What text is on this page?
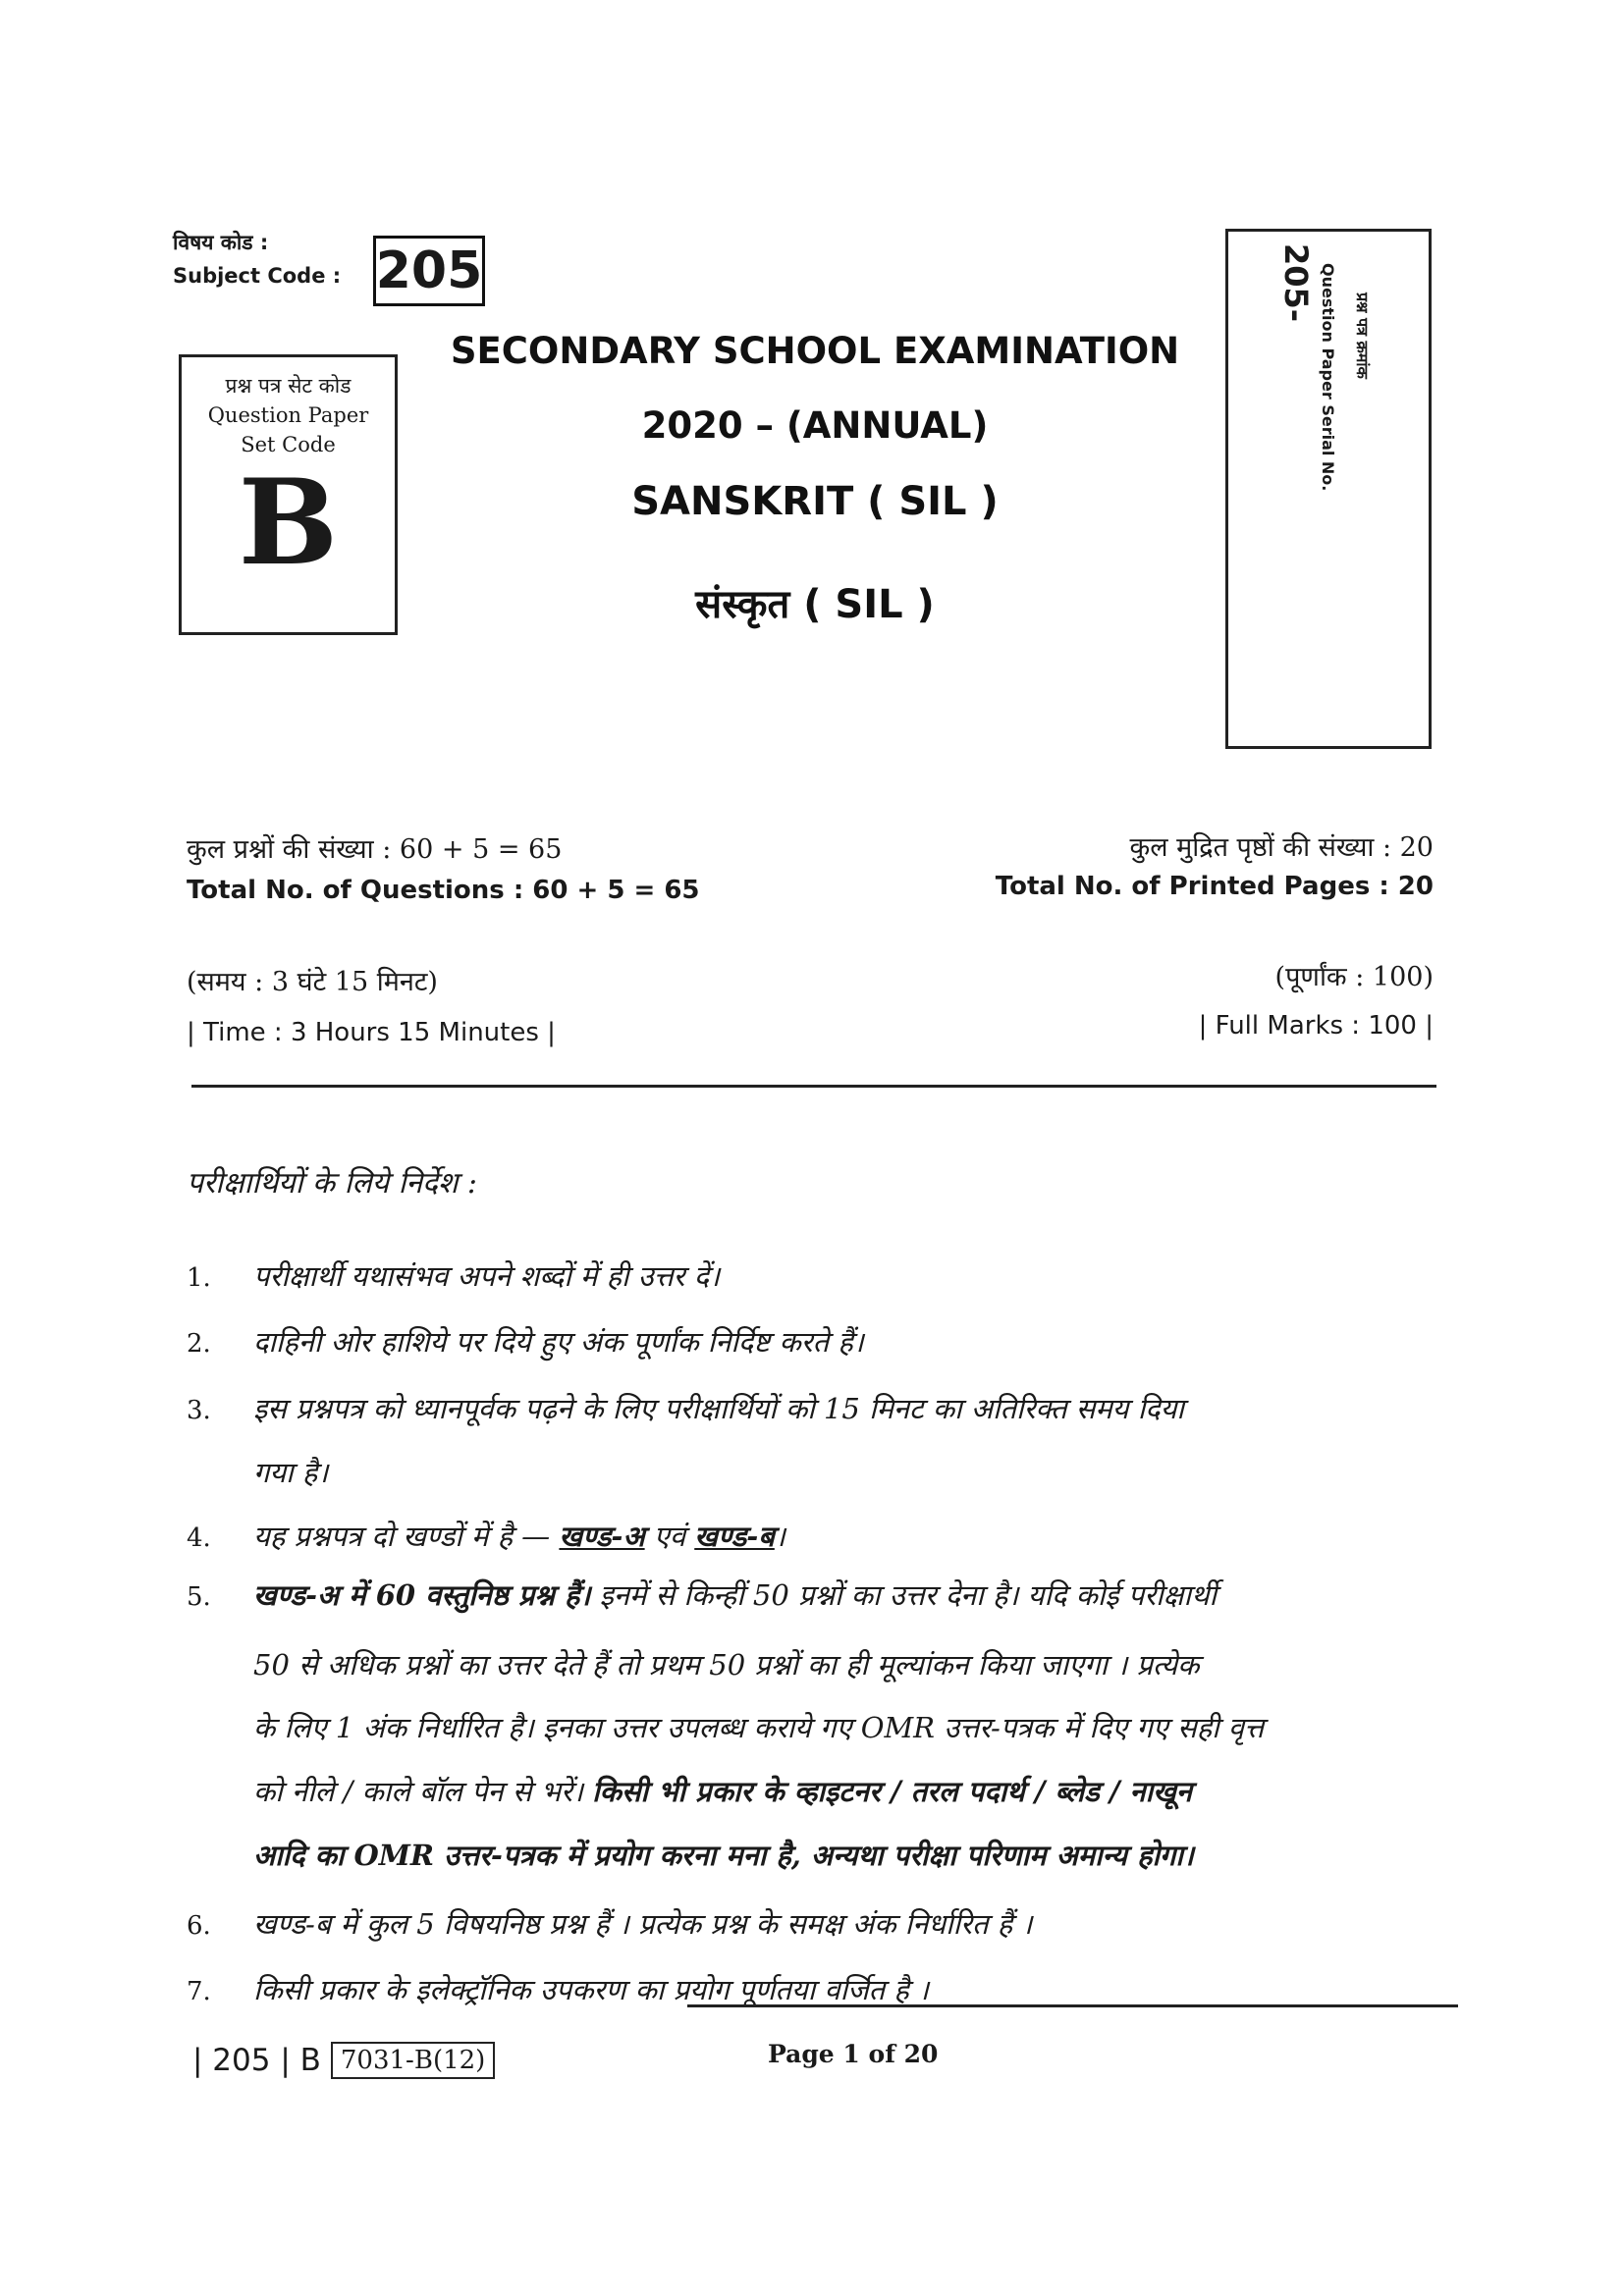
विषय कोड :
Subject Code : 205
प्रश्न पत्र सेट कोड
Question Paper
Set Code
B
205- Question Paper Serial No. प्रश्न पत्र क्रमांक
SECONDARY SCHOOL EXAMINATION
2020 – (ANNUAL)
SANSKRIT ( SIL )
संस्कृत ( SIL )
कुल प्रश्नों की संख्या : 60 + 5 = 65
Total No. of Questions : 60 + 5 = 65
कुल मुद्रित पृष्ठों की संख्या : 20
Total No. of Printed Pages : 20
(समय : 3 घंटे 15 मिनट)
| Time : 3 Hours 15 Minutes |
(पूर्णांक : 100)
| Full Marks : 100 |
परीक्षार्थियों के लिये निर्देश :
1. परीक्षार्थी यथासंभव अपने शब्दों में ही उत्तर दें।
2. दाहिनी ओर हाशिये पर दिये हुए अंक पूर्णांक निर्दिष्ट करते हैं।
3. इस प्रश्नपत्र को ध्यानपूर्वक पढ़ने के लिए परीक्षार्थियों को 15 मिनट का अतिरिक्त समय दिया
गया है।
4. यह प्रश्नपत्र दो खण्डों में है — खण्ड-अ एवं खण्ड-ब।
5. खण्ड-अ में 60 वस्तुनिष्ठ प्रश्न हैं। इनमें से किन्हीं 50 प्रश्नों का उत्तर देना है। यदि कोई परीक्षार्थी
50 से अधिक प्रश्नों का उत्तर देते हैं तो प्रथम 50 प्रश्नों का ही मूल्यांकन किया जाएगा । प्रत्येक
के लिए 1 अंक निर्धारित है। इनका उत्तर उपलब्ध कराये गए OMR उत्तर-पत्रक में दिए गए सही वृत्त
को नीले / काले बॉल पेन से भरें। किसी भी प्रकार के व्हाइटनर / तरल पदार्थ / ब्लेड / नाखून
आदि का OMR उत्तर-पत्रक में प्रयोग करना मना है, अन्यथा परीक्षा परिणाम अमान्य होगा।
6. खण्ड-ब में कुल 5 विषयनिष्ठ प्रश्न हैं । प्रत्येक प्रश्न के समक्ष अंक निर्धारित हैं ।
7. किसी प्रकार के इलेक्ट्रॉनिक उपकरण का प्रयोग पूर्णतया वर्जित है ।
| 205 | B 7031-B(12)	Page 1 of 20
